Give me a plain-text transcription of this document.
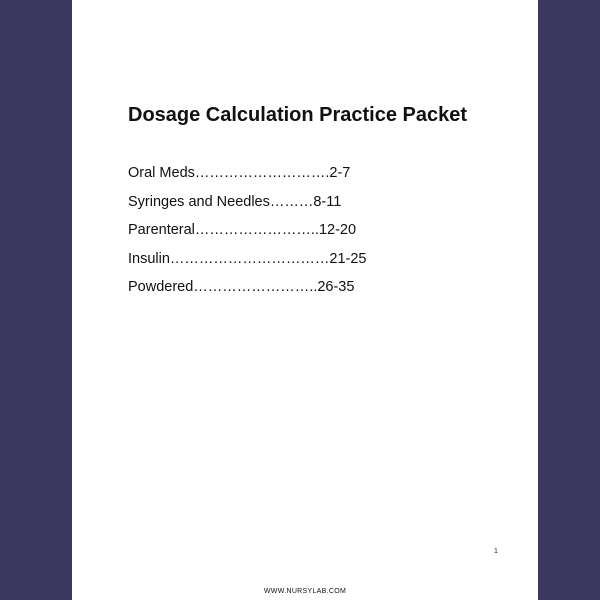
Dosage Calculation Practice Packet
Oral Meds……………………….2-7
Syringes and Needles………8-11
Parenteral……………………..12-20
Insulin……………………………21-25
Powdered……………………..26-35
1
WWW.NURSYLAB.COM
